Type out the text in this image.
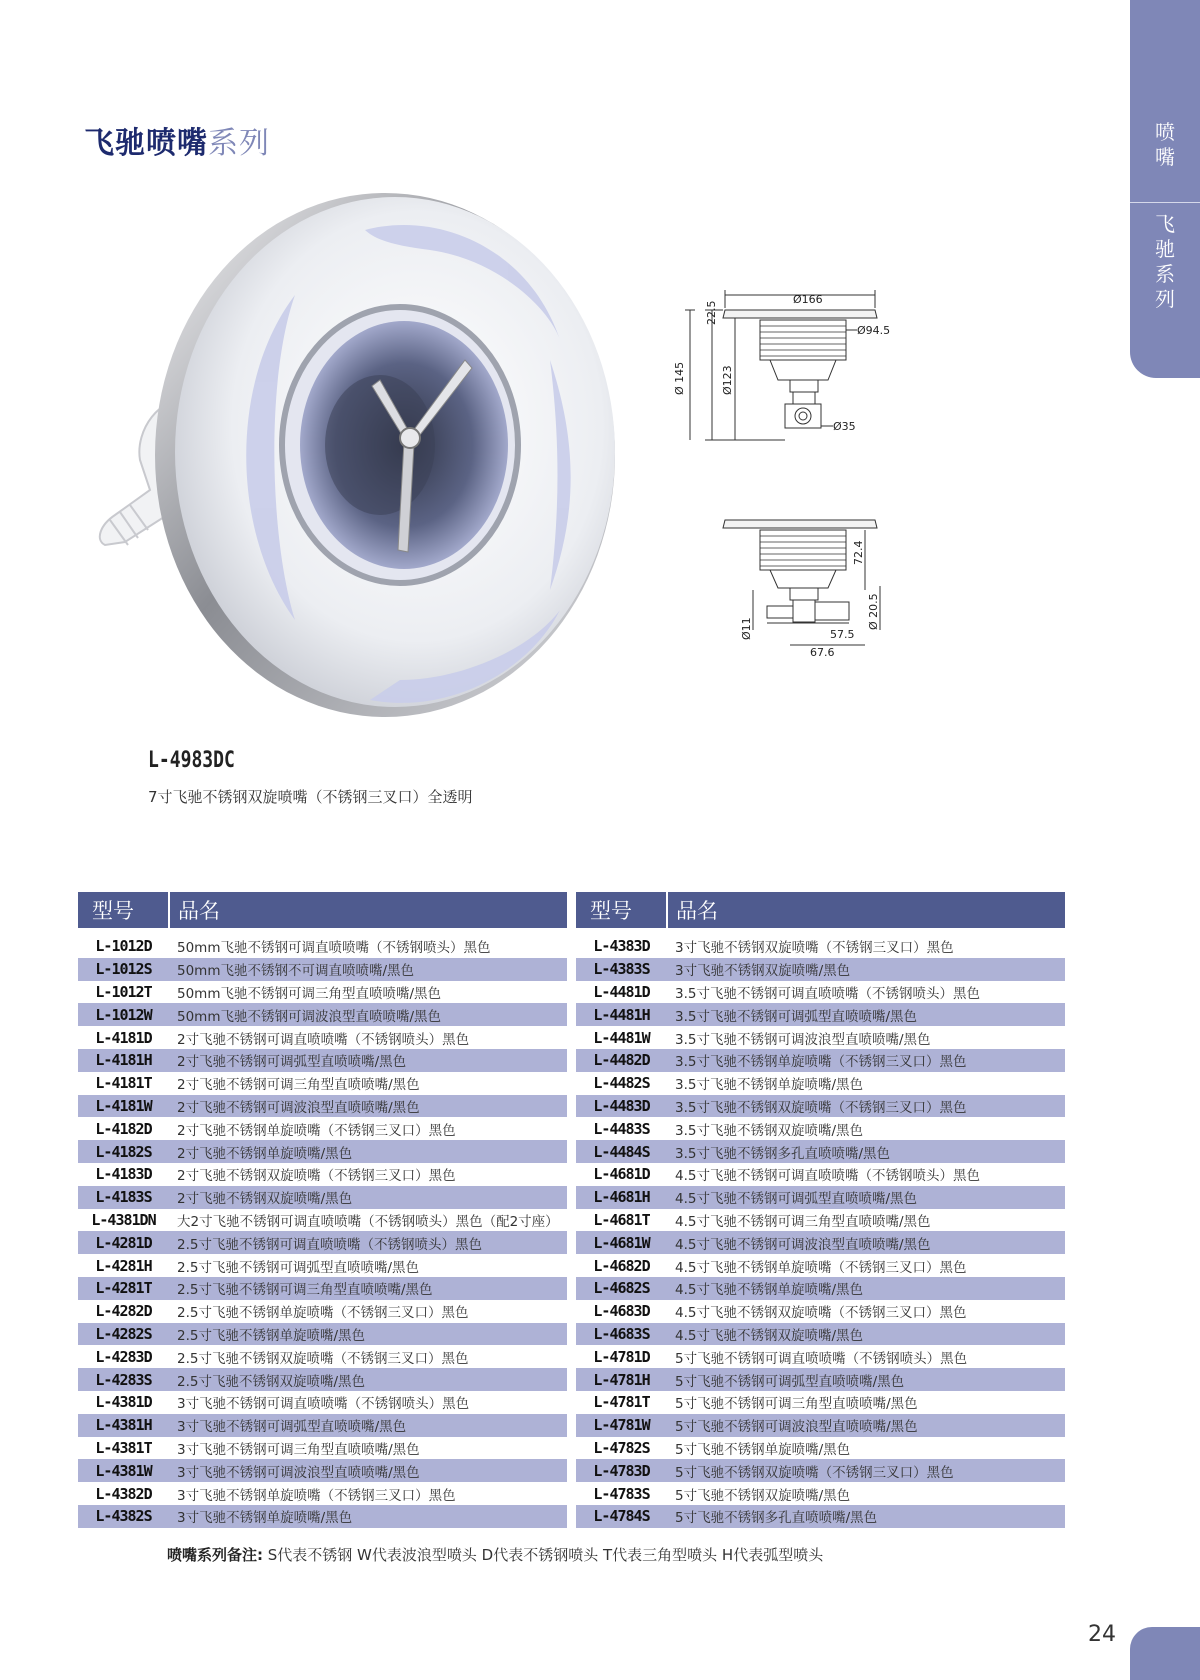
喷
嘴
飞
驰
系
列
飞驰喷嘴系列
Ø166
Ø94.5
Ø35
22.5
Ø 145	Ø123
72.4
Ø 20.5
57.5
Ø11
67.6
L-4983DC
7寸飞驰不锈钢双旋喷嘴（不锈钢三叉口）全透明
型号	品名

L-1012D	50mm飞驰不锈钢可调直喷喷嘴（不锈钢喷头）黑色
L-1012S	50mm飞驰不锈钢不可调直喷喷嘴/黑色
L-1012T	50mm飞驰不锈钢可调三角型直喷喷嘴/黑色
L-1012W	50mm飞驰不锈钢可调波浪型直喷喷嘴/黑色
L-4181D	2寸飞驰不锈钢可调直喷喷嘴（不锈钢喷头）黑色
L-4181H	2寸飞驰不锈钢可调弧型直喷喷嘴/黑色
L-4181T	2寸飞驰不锈钢可调三角型直喷喷嘴/黑色
L-4181W	2寸飞驰不锈钢可调波浪型直喷喷嘴/黑色
L-4182D	2寸飞驰不锈钢单旋喷嘴（不锈钢三叉口）黑色
L-4182S	2寸飞驰不锈钢单旋喷嘴/黑色
L-4183D	2寸飞驰不锈钢双旋喷嘴（不锈钢三叉口）黑色
L-4183S	2寸飞驰不锈钢双旋喷嘴/黑色
L-4381DN	大2寸飞驰不锈钢可调直喷喷嘴（不锈钢喷头）黑色（配2寸座）
L-4281D	2.5寸飞驰不锈钢可调直喷喷嘴（不锈钢喷头）黑色
L-4281H	2.5寸飞驰不锈钢可调弧型直喷喷嘴/黑色
L-4281T	2.5寸飞驰不锈钢可调三角型直喷喷嘴/黑色
L-4282D	2.5寸飞驰不锈钢单旋喷嘴（不锈钢三叉口）黑色
L-4282S	2.5寸飞驰不锈钢单旋喷嘴/黑色
L-4283D	2.5寸飞驰不锈钢双旋喷嘴（不锈钢三叉口）黑色
L-4283S	2.5寸飞驰不锈钢双旋喷嘴/黑色
L-4381D	3寸飞驰不锈钢可调直喷喷嘴（不锈钢喷头）黑色
L-4381H	3寸飞驰不锈钢可调弧型直喷喷嘴/黑色
L-4381T	3寸飞驰不锈钢可调三角型直喷喷嘴/黑色
L-4381W	3寸飞驰不锈钢可调波浪型直喷喷嘴/黑色
L-4382D	3寸飞驰不锈钢单旋喷嘴（不锈钢三叉口）黑色
L-4382S	3寸飞驰不锈钢单旋喷嘴/黑色
型号	品名

L-4383D	3寸飞驰不锈钢双旋喷嘴（不锈钢三叉口）黑色
L-4383S	3寸飞驰不锈钢双旋喷嘴/黑色
L-4481D	3.5寸飞驰不锈钢可调直喷喷嘴（不锈钢喷头）黑色
L-4481H	3.5寸飞驰不锈钢可调弧型直喷喷嘴/黑色
L-4481W	3.5寸飞驰不锈钢可调波浪型直喷喷嘴/黑色
L-4482D	3.5寸飞驰不锈钢单旋喷嘴（不锈钢三叉口）黑色
L-4482S	3.5寸飞驰不锈钢单旋喷嘴/黑色
L-4483D	3.5寸飞驰不锈钢双旋喷嘴（不锈钢三叉口）黑色
L-4483S	3.5寸飞驰不锈钢双旋喷嘴/黑色
L-4484S	3.5寸飞驰不锈钢多孔直喷喷嘴/黑色
L-4681D	4.5寸飞驰不锈钢可调直喷喷嘴（不锈钢喷头）黑色
L-4681H	4.5寸飞驰不锈钢可调弧型直喷喷嘴/黑色
L-4681T	4.5寸飞驰不锈钢可调三角型直喷喷嘴/黑色
L-4681W	4.5寸飞驰不锈钢可调波浪型直喷喷嘴/黑色
L-4682D	4.5寸飞驰不锈钢单旋喷嘴（不锈钢三叉口）黑色
L-4682S	4.5寸飞驰不锈钢单旋喷嘴/黑色
L-4683D	4.5寸飞驰不锈钢双旋喷嘴（不锈钢三叉口）黑色
L-4683S	4.5寸飞驰不锈钢双旋喷嘴/黑色
L-4781D	5寸飞驰不锈钢可调直喷喷嘴（不锈钢喷头）黑色
L-4781H	5寸飞驰不锈钢可调弧型直喷喷嘴/黑色
L-4781T	5寸飞驰不锈钢可调三角型直喷喷嘴/黑色
L-4781W	5寸飞驰不锈钢可调波浪型直喷喷嘴/黑色
L-4782S	5寸飞驰不锈钢单旋喷嘴/黑色
L-4783D	5寸飞驰不锈钢双旋喷嘴（不锈钢三叉口）黑色
L-4783S	5寸飞驰不锈钢双旋喷嘴/黑色
L-4784S	5寸飞驰不锈钢多孔直喷喷嘴/黑色
喷嘴系列备注: S代表不锈钢 W代表波浪型喷头 D代表不锈钢喷头 T代表三角型喷头 H代表弧型喷头
24
